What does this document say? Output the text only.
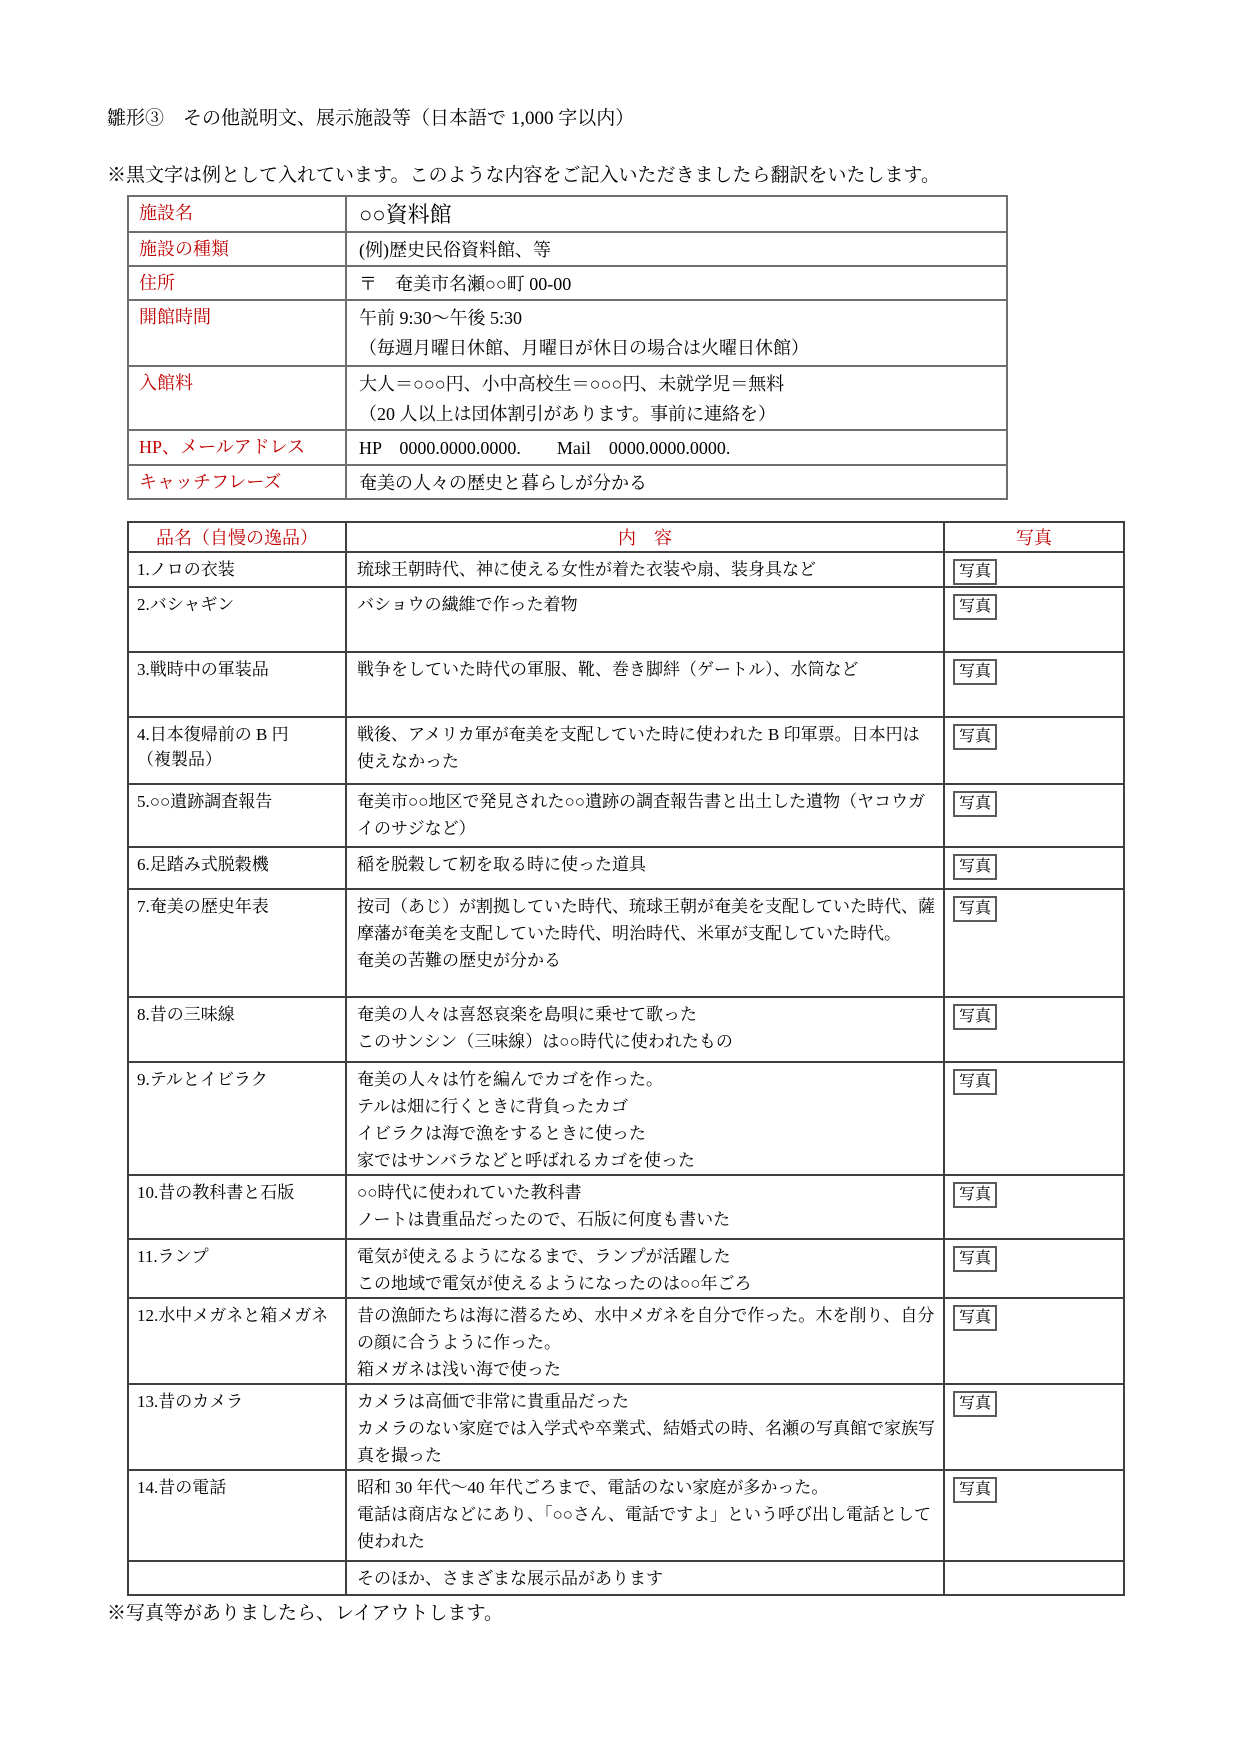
雛形③　その他説明文、展示施設等（日本語で 1,000 字以内）
※黒文字は例として入れています。このような内容をご記入いただきましたら翻訳をいたします。
施設名	○○資料館

施設の種類	(例)歴史民俗資料館、等

住所	〒　奄美市名瀬○○町 00-00

開館時間	午前 9:30～午後 5:30
（毎週月曜日休館、月曜日が休日の場合は火曜日休館）

入館料	大人＝○○○円、小中高校生＝○○○円、未就学児＝無料
（20 人以上は団体割引があります。事前に連絡を）

HP、メールアドレス	HP　0000.0000.0000.　　Mail　0000.0000.0000.

キャッチフレーズ	奄美の人々の歴史と暮らしが分かる
品名（自慢の逸品）	内　容	写真

1.ノロの衣装	琉球王朝時代、神に使える女性が着た衣装や扇、装身具など	写真

2.バシャギン	バショウの繊維で作った着物	写真

3.戦時中の軍装品	戦争をしていた時代の軍服、靴、巻き脚絆（ゲートル）、水筒など	写真

4.日本復帰前の B 円
（複製品）	戦後、アメリカ軍が奄美を支配していた時に使われた B 印軍票。日本円は使えなかった	写真

5.○○遺跡調査報告	奄美市○○地区で発見された○○遺跡の調査報告書と出土した遺物（ヤコウガイのサジなど）	写真

6.足踏み式脱穀機	稲を脱穀して籾を取る時に使った道具	写真

7.奄美の歴史年表	按司（あじ）が割拠していた時代、琉球王朝が奄美を支配していた時代、薩摩藩が奄美を支配していた時代、明治時代、米軍が支配していた時代。
奄美の苦難の歴史が分かる	写真

8.昔の三味線	奄美の人々は喜怒哀楽を島唄に乗せて歌った
このサンシン（三味線）は○○時代に使われたもの	写真

9.テルとイビラク	奄美の人々は竹を編んでカゴを作った。
テルは畑に行くときに背負ったカゴ
イビラクは海で漁をするときに使った
家ではサンバラなどと呼ばれるカゴを使った	写真

10.昔の教科書と石版	○○時代に使われていた教科書
ノートは貴重品だったので、石版に何度も書いた	写真

11.ランプ	電気が使えるようになるまで、ランプが活躍した
この地域で電気が使えるようになったのは○○年ごろ	写真

12.水中メガネと箱メガネ	昔の漁師たちは海に潜るため、水中メガネを自分で作った。木を削り、自分の顔に合うように作った。
箱メガネは浅い海で使った	写真

13.昔のカメラ	カメラは高価で非常に貴重品だった
カメラのない家庭では入学式や卒業式、結婚式の時、名瀬の写真館で家族写真を撮った	写真

14.昔の電話	昭和 30 年代～40 年代ごろまで、電話のない家庭が多かった。
電話は商店などにあり、「○○さん、電話ですよ」という呼び出し電話として使われた	写真

	そのほか、さまざまな展示品があります	

※写真等がありましたら、レイアウトします。
